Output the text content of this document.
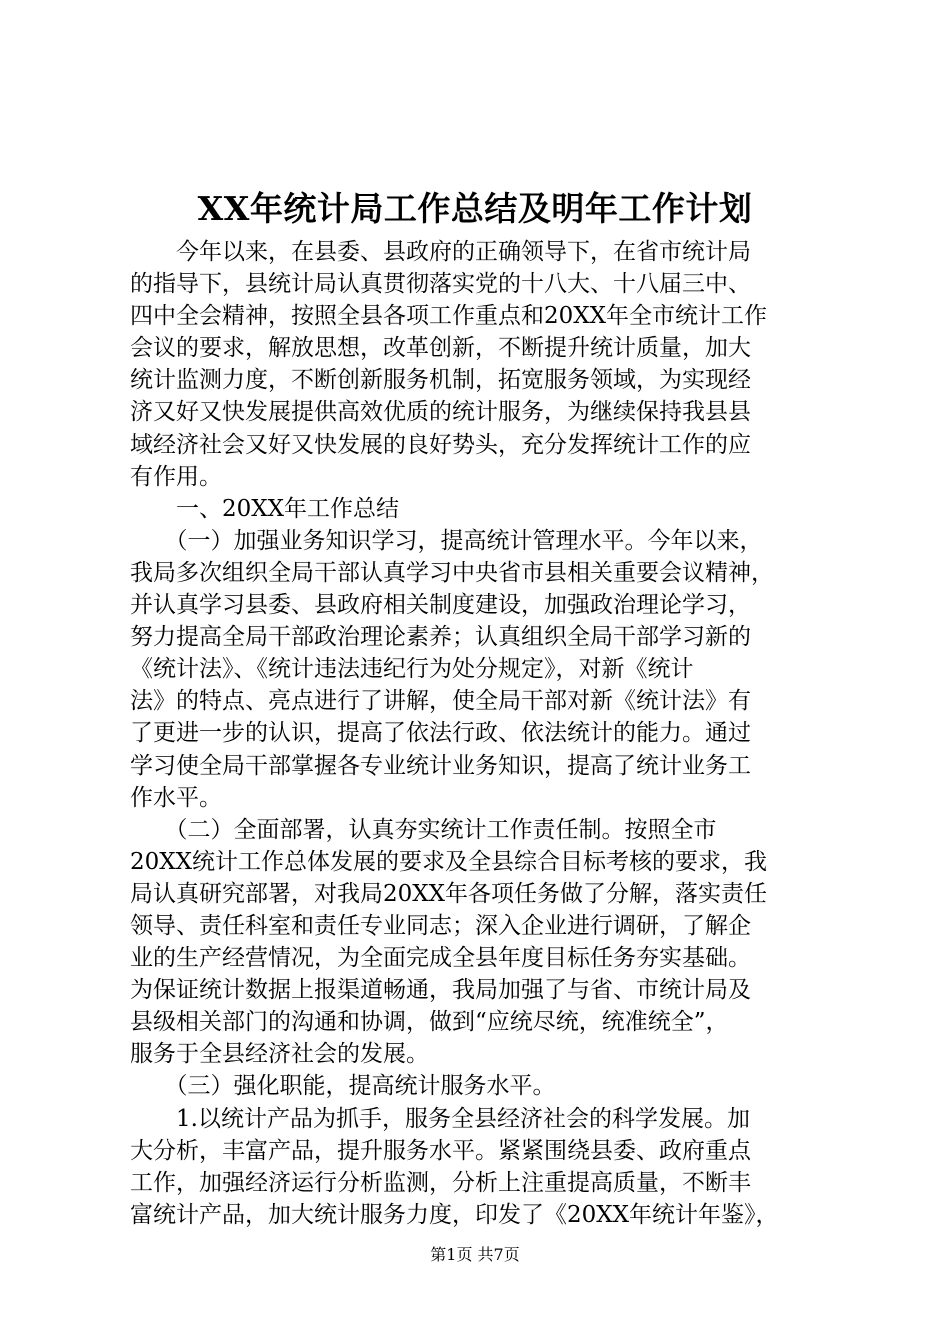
XX年统计局工作总结及明年工作计划
　　今年以来，在县委、县政府的正确领导下，在省市统计局
的指导下，县统计局认真贯彻落实党的十八大、十八届三中、
四中全会精神，按照全县各项工作重点和20XX年全市统计工作
会议的要求，解放思想，改革创新，不断提升统计质量，加大
统计监测力度，不断创新服务机制，拓宽服务领域，为实现经
济又好又快发展提供高效优质的统计服务，为继续保持我县县
域经济社会又好又快发展的良好势头，充分发挥统计工作的应
有作用。
　　一、20XX年工作总结
　　（一）加强业务知识学习，提高统计管理水平。今年以来，
我局多次组织全局干部认真学习中央省市县相关重要会议精神，
并认真学习县委、县政府相关制度建设，加强政治理论学习，
努力提高全局干部政治理论素养；认真组织全局干部学习新的
《统计法》、《统计违法违纪行为处分规定》，对新《统计
法》的特点、亮点进行了讲解，使全局干部对新《统计法》有
了更进一步的认识，提高了依法行政、依法统计的能力。通过
学习使全局干部掌握各专业统计业务知识，提高了统计业务工
作水平。
　　（二）全面部署，认真夯实统计工作责任制。按照全市
20XX统计工作总体发展的要求及全县综合目标考核的要求，我
局认真研究部署，对我局20XX年各项任务做了分解，落实责任
领导、责任科室和责任专业同志；深入企业进行调研，了解企
业的生产经营情况，为全面完成全县年度目标任务夯实基础。
为保证统计数据上报渠道畅通，我局加强了与省、市统计局及
县级相关部门的沟通和协调，做到“应统尽统，统准统全”，
服务于全县经济社会的发展。
　　（三）强化职能，提高统计服务水平。
　　1.以统计产品为抓手，服务全县经济社会的科学发展。加
大分析，丰富产品，提升服务水平。紧紧围绕县委、政府重点
工作，加强经济运行分析监测，分析上注重提高质量，不断丰
富统计产品，加大统计服务力度，印发了《20XX年统计年鉴》，
第1页 共7页
